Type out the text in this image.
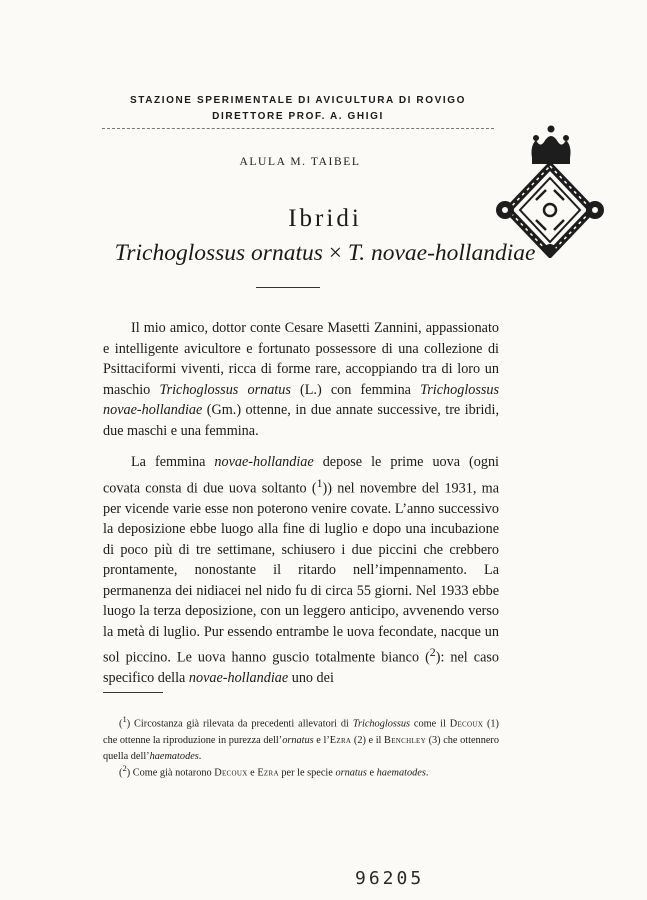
STAZIONE SPERIMENTALE DI AVICULTURA DI ROVIGO
DIRETTORE PROF. A. GHIGI
ALULA M. TAIBEL
Ibridi
Trichoglossus ornatus × T. novae-hollandiae

Il mio amico, dottor conte Cesare Masetti Zannini, appassionato e intelligente avicultore e fortunato possessore di una collezione di Psittaciformi viventi, ricca di forme rare, accoppiando tra di loro un maschio Trichoglossus ornatus (L.) con femmina Trichoglossus novae-hollandiae (Gm.) ottenne, in due annate successive, tre ibridi, due maschi e una femmina.

La femmina novae-hollandiae depose le prime uova (ogni covata consta di due uova soltanto ($^1$)) nel novembre del 1931, ma per vicende varie esse non poterono venire covate. L’anno successivo la deposizione ebbe luogo alla fine di luglio e dopo una incubazione di poco più di tre settimane, schiusero i due piccini che crebbero prontamente, nonostante il ritardo nell’impennamento. La permanenza dei nidiacei nel nido fu di circa 55 giorni. Nel 1933 ebbe luogo la terza deposizione, con un leggero anticipo, avvenendo verso la metà di luglio. Pur essendo entrambe le uova fecondate, nacque un sol piccino. Le uova hanno guscio totalmente bianco ($^2$): nel caso specifico della novae-hollandiae uno dei

($^1$) Circostanza già rilevata da precedenti allevatori di Trichoglossus come il Decoux (1) che ottenne la riproduzione in purezza dell’ornatus e l’Ezra (2) e il Benchley (3) che ottennero quella dell’haematodes.

($^2$) Come già notarono Decoux e Ezra per le specie ornatus e haematodes.

96205
